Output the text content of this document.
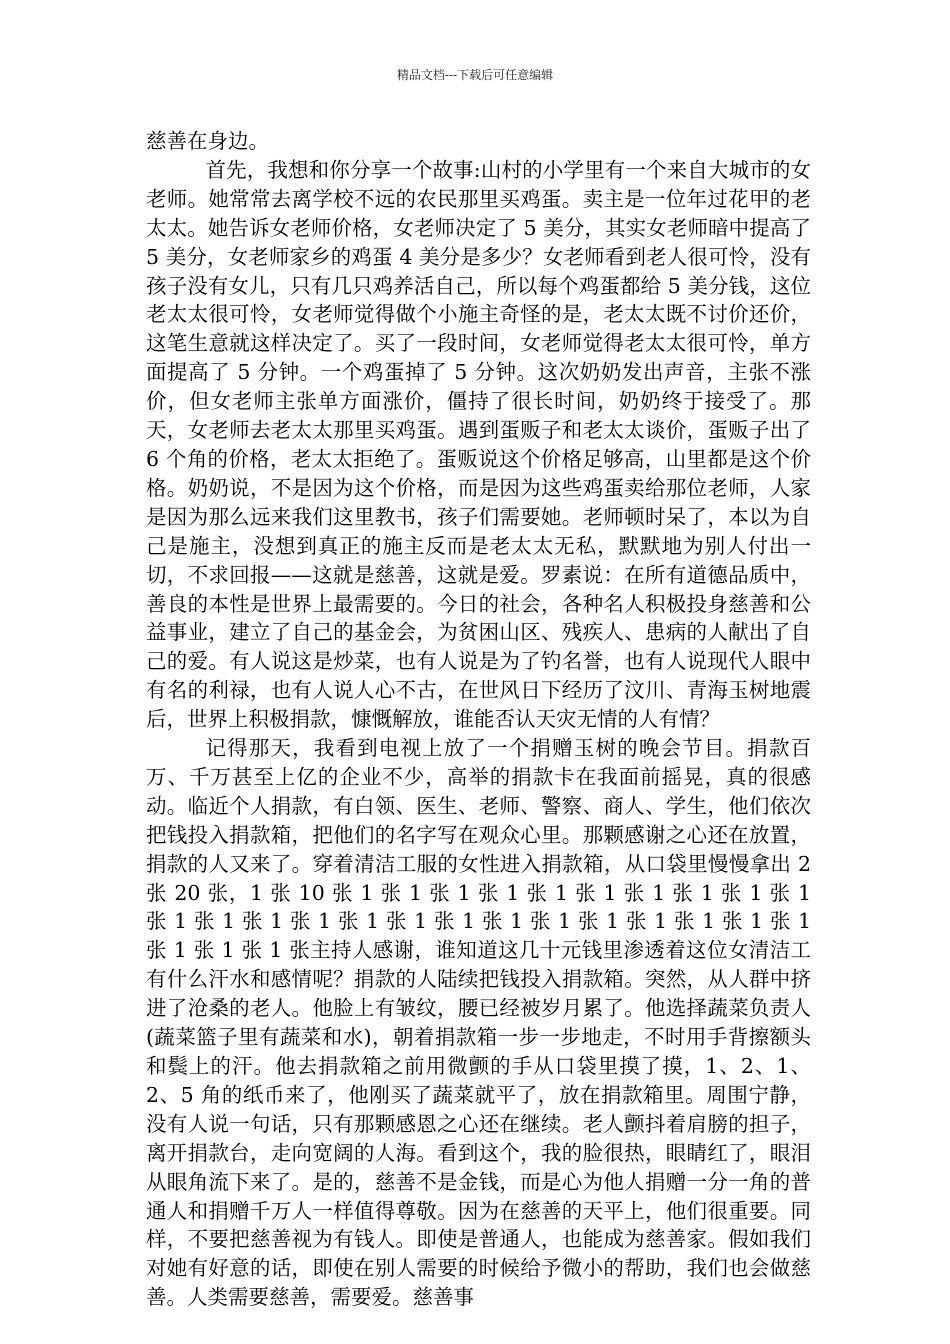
精品文档---下载后可任意编辑

慈善在身边。

首先，我想和你分享一个故事:山村的小学里有一个来自大城市的女老师。她常常去离学校不远的农民那里买鸡蛋。卖主是一位年过花甲的老太太。她告诉女老师价格，女老师决定了 5 美分，其实女老师暗中提高了 5 美分，女老师家乡的鸡蛋 4 美分是多少？女老师看到老人很可怜，没有孩子没有女儿，只有几只鸡养活自己，所以每个鸡蛋都给 5 美分钱，这位老太太很可怜，女老师觉得做个小施主奇怪的是，老太太既不讨价还价，这笔生意就这样决定了。买了一段时间，女老师觉得老太太很可怜，单方面提高了 5 分钟。一个鸡蛋掉了 5 分钟。这次奶奶发出声音，主张不涨价，但女老师主张单方面涨价，僵持了很长时间，奶奶终于接受了。那天，女老师去老太太那里买鸡蛋。遇到蛋贩子和老太太谈价，蛋贩子出了 6 个角的价格，老太太拒绝了。蛋贩说这个价格足够高，山里都是这个价格。奶奶说，不是因为这个价格，而是因为这些鸡蛋卖给那位老师，人家是因为那么远来我们这里教书，孩子们需要她。老师顿时呆了，本以为自己是施主，没想到真正的施主反而是老太太无私，默默地为别人付出一切，不求回报——这就是慈善，这就是爱。罗素说：在所有道德品质中，善良的本性是世界上最需要的。今日的社会，各种名人积极投身慈善和公益事业，建立了自己的基金会，为贫困山区、残疾人、患病的人献出了自己的爱。有人说这是炒菜，也有人说是为了钓名誉，也有人说现代人眼中有名的利禄，也有人说人心不古，在世风日下经历了汶川、青海玉树地震后，世界上积极捐款，慷慨解放，谁能否认天灾无情的人有情？

记得那天，我看到电视上放了一个捐赠玉树的晚会节目。捐款百万、千万甚至上亿的企业不少，高举的捐款卡在我面前摇晃，真的很感动。临近个人捐款，有白领、医生、老师、警察、商人、学生，他们依次把钱投入捐款箱，把他们的名字写在观众心里。那颗感谢之心还在放置，捐款的人又来了。穿着清洁工服的女性进入捐款箱，从口袋里慢慢拿出 2 张 20 张，1 张 10 张 1 张 1 张 1 张 1 张 1 张 1 张 1 张 1 张 1 张 1 张 1 张 1 张 1 张 1 张 1 张 1 张 1 张 1 张 1 张 1 张 1 张 1 张 1 张 1 张 1 张 1 张 1 张主持人感谢，谁知道这几十元钱里渗透着这位女清洁工有什么汗水和感情呢？捐款的人陆续把钱投入捐款箱。突然，从人群中挤进了沧桑的老人。他脸上有皱纹，腰已经被岁月累了。他选择蔬菜负责人(蔬菜篮子里有蔬菜和水)，朝着捐款箱一步一步地走，不时用手背擦额头和鬓上的汗。他去捐款箱之前用微颤的手从口袋里摸了摸，1、2、1、2、5 角的纸币来了，他刚买了蔬菜就平了，放在捐款箱里。周围宁静，没有人说一句话，只有那颗感恩之心还在继续。老人颤抖着肩膀的担子，离开捐款台，走向宽阔的人海。看到这个，我的脸很热，眼睛红了，眼泪从眼角流下来了。是的，慈善不是金钱，而是心为他人捐赠一分一角的普通人和捐赠千万人一样值得尊敬。因为在慈善的天平上，他们很重要。同样，不要把慈善视为有钱人。即使是普通人，也能成为慈善家。假如我们对她有好意的话，即使在别人需要的时候给予微小的帮助，我们也会做慈善。人类需要慈善，需要爱。慈善事
